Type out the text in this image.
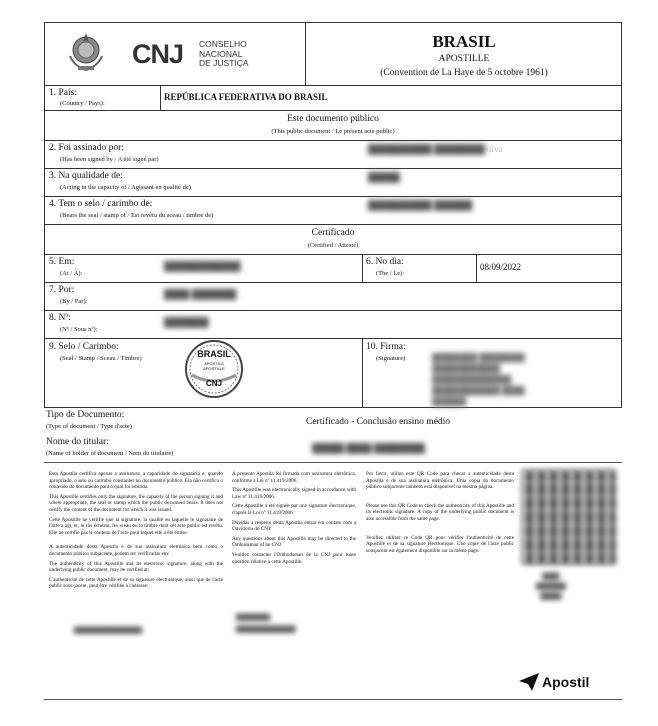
CNJ	CONSELHO
NACIONAL
DE JUSTIÇA
BRASIL
APOSTILLE
(Convention de La Haye de 5 octobre 1961)
1. País:
(Country / Pays):
REPÚBLICA FEDERATIVA DO BRASIL
Este documento público
(This public document / Le présent acte public)
2. Foi assinado por:
(Has been signed by / A été signé par)
██████████ ████████
Silva
3. Na qualidade de:
(Acting in the capacity of / Agissant en qualité de)
█████
4. Tem o selo / carimbo de:
(Bears the seal / stamp of / Est revêtu du sceau / timbre de)
██████████ ██████
Certificado
(Certified / Attesté)
5. Em:
(At / À):
████████████	6. No dia:
(The / Le):
08/09/2022
7. Por:
(By / Par):
████ ███████
8. Nº:
(Nº / Sous nº):
███████
9. Selo / Carimbo:
(Seal / Stamp / Sceau / Timbre)	BRASIL
APOSTILA
APOSTILLE
CNJ
10. Firma:
(Signature)	████████ ████████
████████████
██████████████
████████████ ████
██████
Tipo de Documento:
(Type of document / Type d'acte)	Certificado - Conclusão ensino médio
Nome do titular:
(Name of holder of document / Nom du titulaire)
█████ ████ ████████

Esta Apostila certifica apenas a assinatura, a capacidade do signatário e, quando apropriado, o selo ou carimbo constantes no documento público. Ela não certifica o conteúdo do documento para o qual foi emitida.

This Apostille certifies only the signature, the capacity of the person signing it and where appropriate, the seal or stamp which the public document bears. It does not certify the content of the document for which it was issued.

Cette Apostille ne certifie que la signature, la qualité en laquelle le signataire de l'acte a agi, et, le cas échéant, les sceau ou le timbre dont cet acte public est revêtu. Elle ne certifie pas le contenu de l'acte pour lequel elle a été émise.

A autenticidade desta Apostila e de sua assinatura eletrônica bem como o documento público subjacente, podem ser verificadas em:

The authenticity of this Apostille and its electronic signature, along with the underlying public document, may be verified at:

L'authenticité de cette Apostille et de sa signature électronique, ainsi que de l'acte public sous-jacent, peut être vérifiée à l'adresse:

████████████████

A presente Apostila foi firmada com assinatura eletrônica, conforme a Lei nº 11.419/2006.

This Apostille was electronically signed in accordance with Law nº 11.419/2006.

Cette Apostille a été signée par une signature électronique, d'après la Loi nº 11.419/2006.

Dúvidas a respeito desta Apostila entrar em contato com a Ouvidoria do CNJ:

Any questions about this Apostille may be directed to the Ombudsman of he CNJ:

Veuillez contacter l'Ombudsman de la CNJ pour toute question relative à cette Apostille:

████████
██████████████

Por favor, utilize este QR Code para checar a autenticidade desta Apostila e de sua assinatura eletrônica. Uma cópia do documento público subjacente também está disponível na mesma página.

Please use this QR Code to check the authenticity of this Apostille and its electronic signature. A copy of the underlying public document is also accessible from the same page.

Veuillez utiliser ce Code QR pour vérifier l'authenticité de cette Apostille et de sa signature électronique. Une copie de l'acte public sousjacent est également disponible sur la même page.

████
███████
█████
Apostil
